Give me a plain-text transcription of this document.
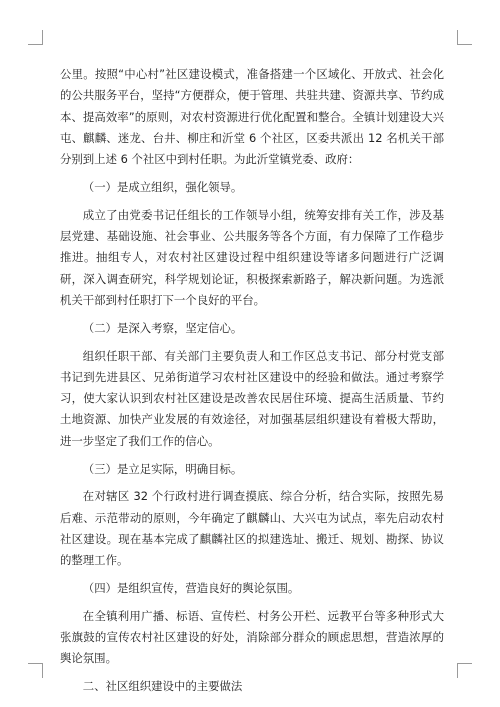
公里。按照“中心村”社区建设模式，准备搭建一个区域化、开放式、社会化的公共服务平台，坚持“方便群众，便于管理、共驻共建、资源共享、节约成本、提高效率”的原则，对农村资源进行优化配置和整合。全镇计划建设大兴屯、麒麟、迷龙、台井、柳庄和沂堂 6 个社区，区委共派出 12 名机关干部分别到上述 6 个社区中到村任职。为此沂堂镇党委、政府：

（一）是成立组织，强化领导。

成立了由党委书记任组长的工作领导小组，统筹安排有关工作，涉及基层党建、基础设施、社会事业、公共服务等各个方面，有力保障了工作稳步推进。抽组专人，对农村社区建设过程中组织建设等诸多问题进行广泛调研，深入调查研究，科学规划论证，积极探索新路子，解决新问题。为选派机关干部到村任职打下一个良好的平台。

（二）是深入考察，坚定信心。

组织任职干部、有关部门主要负责人和工作区总支书记、部分村党支部书记到先进县区、兄弟街道学习农村社区建设中的经验和做法。通过考察学习，使大家认识到农村社区建设是改善农民居住环境、提高生活质量、节约土地资源、加快产业发展的有效途径，对加强基层组织建设有着极大帮助，进一步坚定了我们工作的信心。

（三）是立足实际，明确目标。

在对辖区 32 个行政村进行调查摸底、综合分析，结合实际，按照先易后难、示范带动的原则，今年确定了麒麟山、大兴屯为试点，率先启动农村社区建设。现在基本完成了麒麟社区的拟建选址、搬迁、规划、勘探、协议的整理工作。

（四）是组织宣传，营造良好的舆论氛围。

在全镇利用广播、标语、宣传栏、村务公开栏、远教平台等多种形式大张旗鼓的宣传农村社区建设的好处，消除部分群众的顾虑思想，营造浓厚的舆论氛围。

二、社区组织建设中的主要做法
